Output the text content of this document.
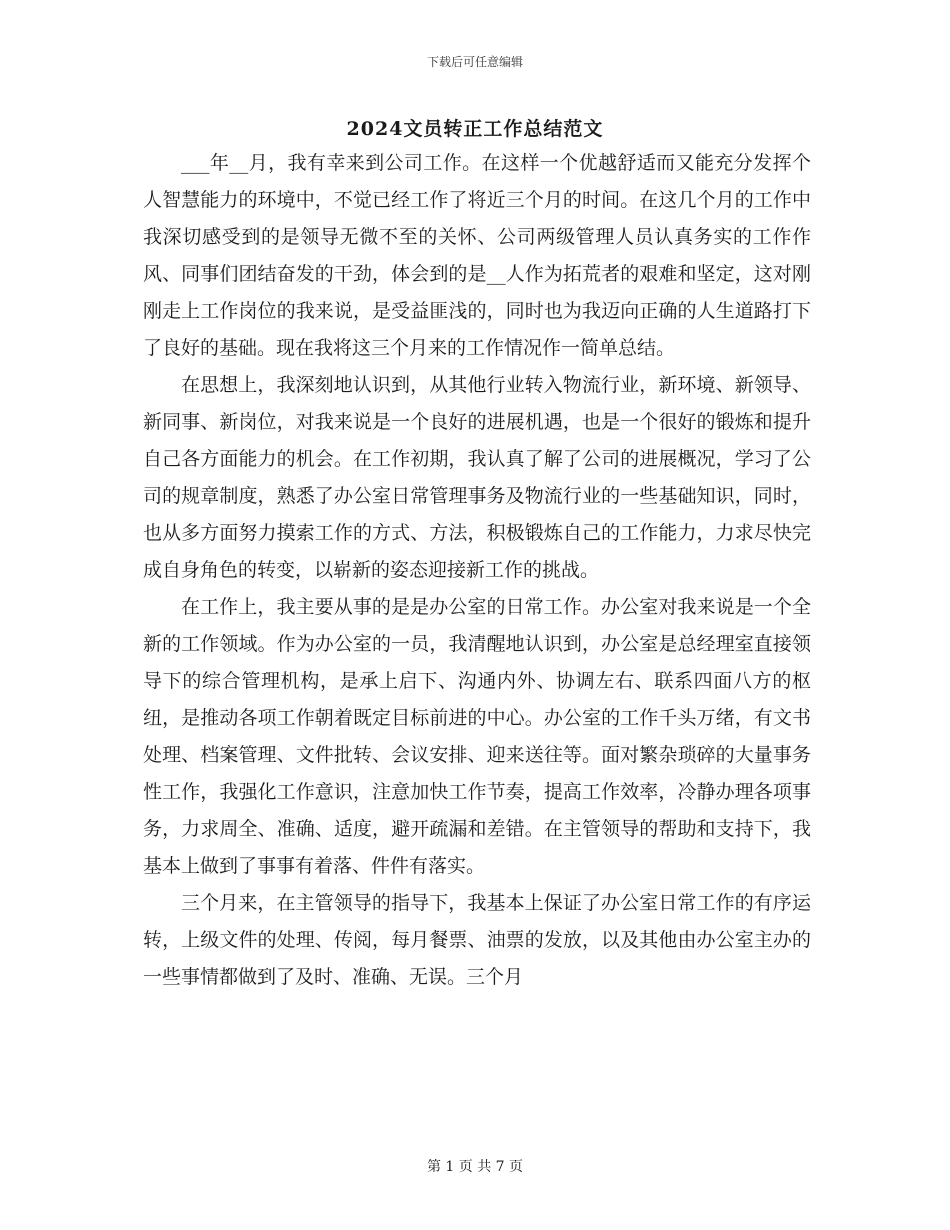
下载后可任意编辑
2024文员转正工作总结范文

___年__月，我有幸来到公司工作。在这样一个优越舒适而又能充分发挥个人智慧能力的环境中，不觉已经工作了将近三个月的时间。在这几个月的工作中我深切感受到的是领导无微不至的关怀、公司两级管理人员认真务实的工作作风、同事们团结奋发的干劲，体会到的是__人作为拓荒者的艰难和坚定，这对刚刚走上工作岗位的我来说，是受益匪浅的，同时也为我迈向正确的人生道路打下了良好的基础。现在我将这三个月来的工作情况作一简单总结。

在思想上，我深刻地认识到，从其他行业转入物流行业，新环境、新领导、新同事、新岗位，对我来说是一个良好的进展机遇，也是一个很好的锻炼和提升自己各方面能力的机会。在工作初期，我认真了解了公司的进展概况，学习了公司的规章制度，熟悉了办公室日常管理事务及物流行业的一些基础知识，同时，也从多方面努力摸索工作的方式、方法，积极锻炼自己的工作能力，力求尽快完成自身角色的转变，以崭新的姿态迎接新工作的挑战。

在工作上，我主要从事的是是办公室的日常工作。办公室对我来说是一个全新的工作领域。作为办公室的一员，我清醒地认识到，办公室是总经理室直接领导下的综合管理机构，是承上启下、沟通内外、协调左右、联系四面八方的枢纽，是推动各项工作朝着既定目标前进的中心。办公室的工作千头万绪，有文书处理、档案管理、文件批转、会议安排、迎来送往等。面对繁杂琐碎的大量事务性工作，我强化工作意识，注意加快工作节奏，提高工作效率，冷静办理各项事务，力求周全、准确、适度，避开疏漏和差错。在主管领导的帮助和支持下，我基本上做到了事事有着落、件件有落实。

三个月来，在主管领导的指导下，我基本上保证了办公室日常工作的有序运转，上级文件的处理、传阅，每月餐票、油票的发放，以及其他由办公室主办的一些事情都做到了及时、准确、无误。三个月

第 1 页 共 7 页
